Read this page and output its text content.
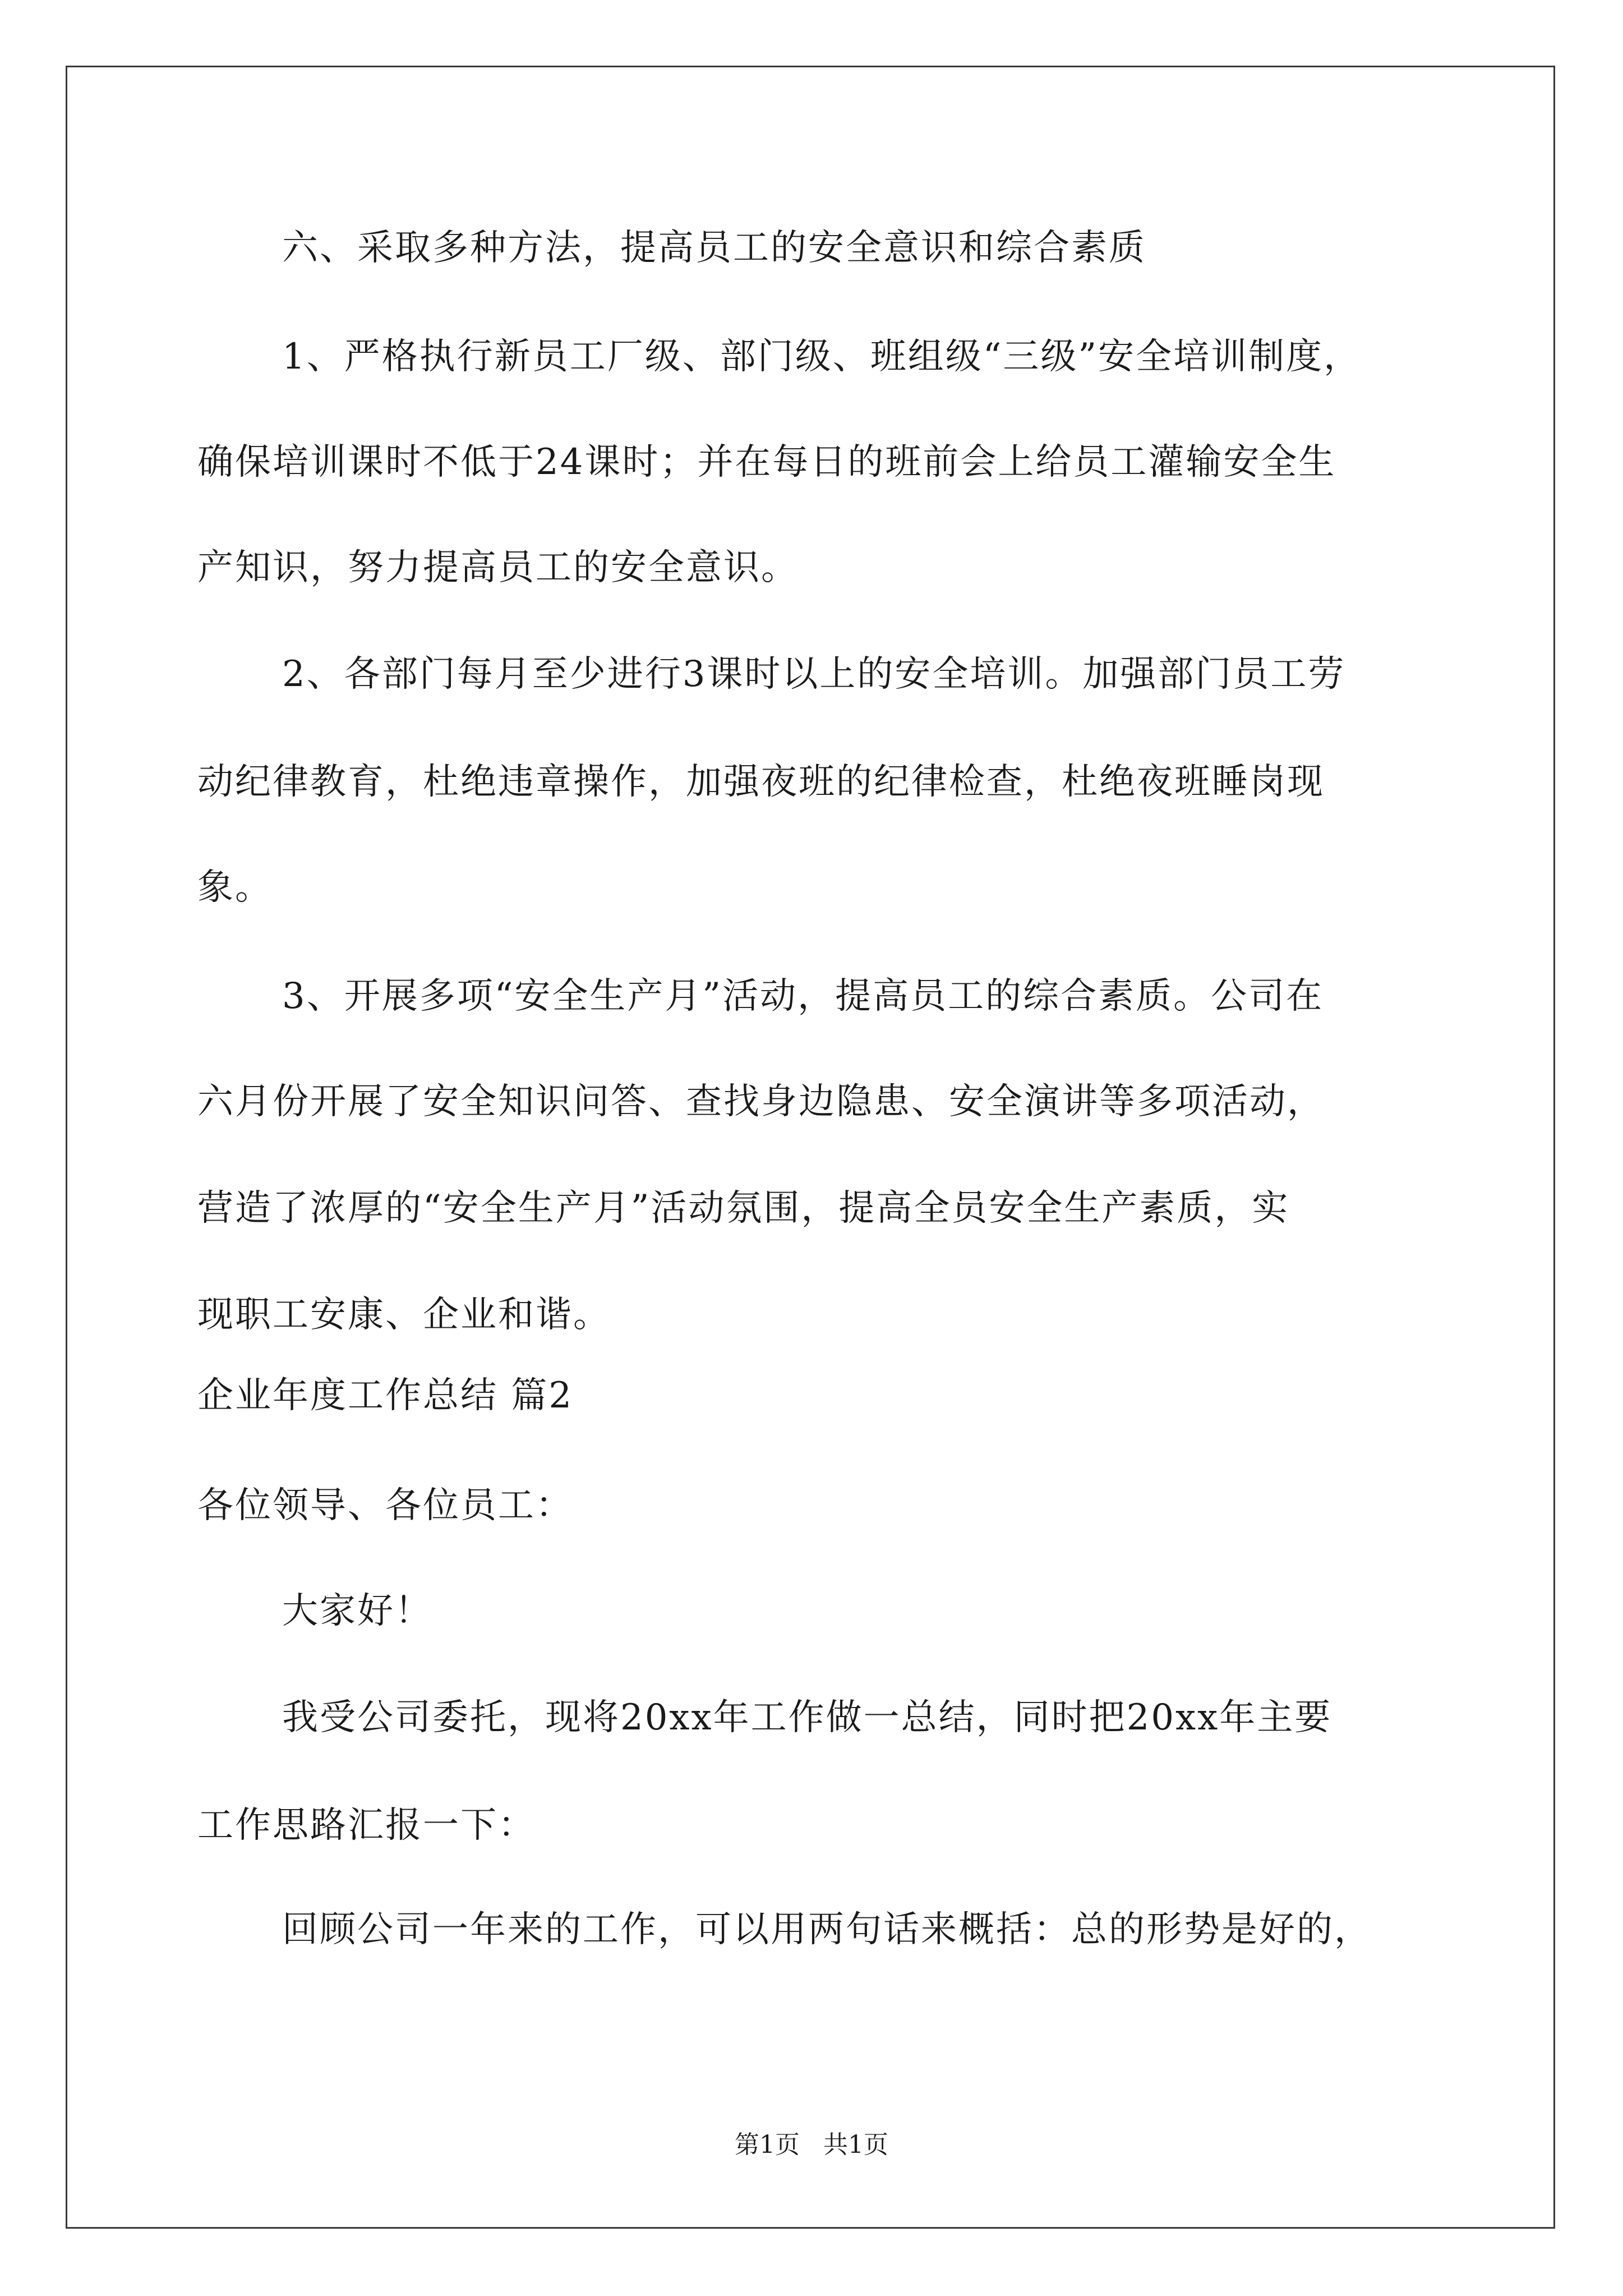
六、采取多种方法，提高员工的安全意识和综合素质
1、严格执行新员工厂级、部门级、班组级“三级”安全培训制度，
确保培训课时不低于24课时；并在每日的班前会上给员工灌输安全生
产知识，努力提高员工的安全意识。
2、各部门每月至少进行3课时以上的安全培训。加强部门员工劳
动纪律教育，杜绝违章操作，加强夜班的纪律检查，杜绝夜班睡岗现
象。
3、开展多项“安全生产月”活动，提高员工的综合素质。公司在
六月份开展了安全知识问答、查找身边隐患、安全演讲等多项活动，
营造了浓厚的“安全生产月”活动氛围，提高全员安全生产素质，实
现职工安康、企业和谐。
企业年度工作总结 篇2
各位领导、各位员工：
大家好！
我受公司委托，现将20xx年工作做一总结，同时把20xx年主要
工作思路汇报一下：
回顾公司一年来的工作，可以用两句话来概括：总的形势是好的，
第1页   共1页
